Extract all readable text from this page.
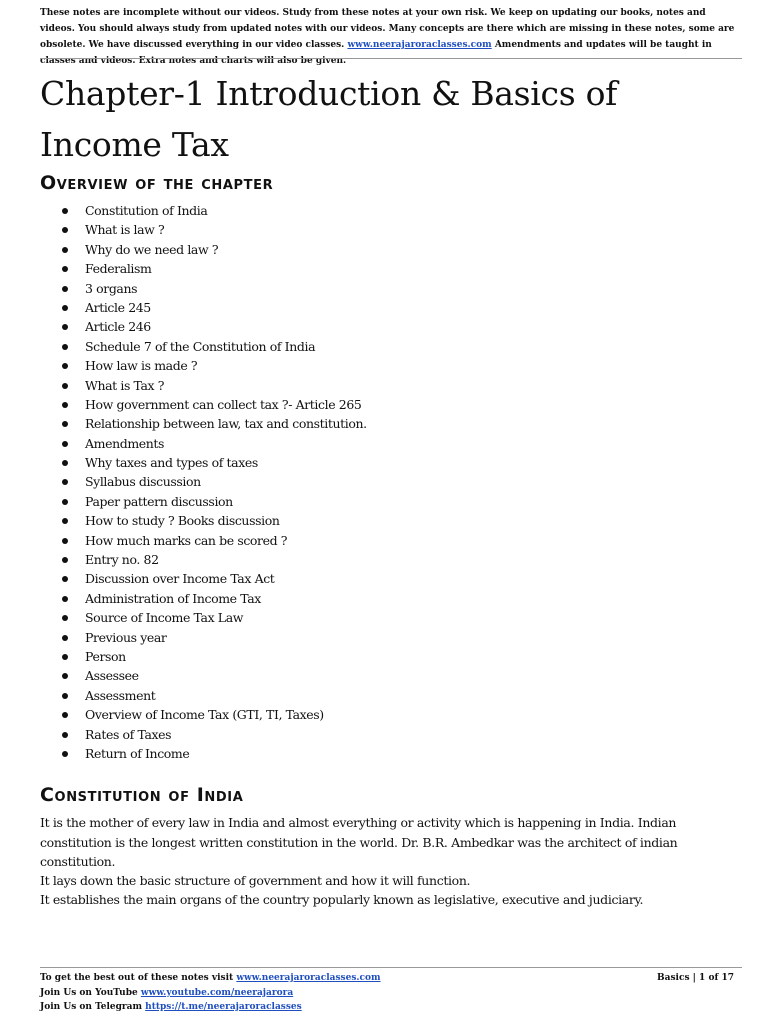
These notes are incomplete without our videos. Study from these notes at your own risk. We keep on updating our books, notes and videos. You should always study from updated notes with our videos. Many concepts are there which are missing in these notes, some are obsolete. We have discussed everything in our video classes. www.neerajaroraclasses.com Amendments and updates will be taught in classes and videos. Extra notes and charts will also be given.
Chapter-1 Introduction & Basics of Income Tax
Overview of the chapter
Constitution of India
What is law ?
Why do we need law ?
Federalism
3 organs
Article 245
Article 246
Schedule 7 of the Constitution of India
How law is made ?
What is Tax ?
How government can collect tax ?- Article 265
Relationship between law, tax and constitution.
Amendments
Why taxes and types of taxes
Syllabus discussion
Paper pattern discussion
How to study ? Books discussion
How much marks can be scored ?
Entry no. 82
Discussion over Income Tax Act
Administration of Income Tax
Source of Income Tax Law
Previous year
Person
Assessee
Assessment
Overview of Income Tax (GTI, TI, Taxes)
Rates of Taxes
Return of Income
Constitution of India

It is the mother of every law in India and almost everything or activity which is happening in India. Indian constitution is the longest written constitution in the world. Dr. B.R. Ambedkar was the architect of indian constitution.

It lays down the basic structure of government and how it will function.

It establishes the main organs of the country popularly known as legislative, executive and judiciary.

To get the best out of these notes visit www.neerajaroraclasses.com
Join Us on YouTube www.youtube.com/neerajarora
Join Us on Telegram https://t.me/neerajaroraclasses
Basics | 1 of 17
